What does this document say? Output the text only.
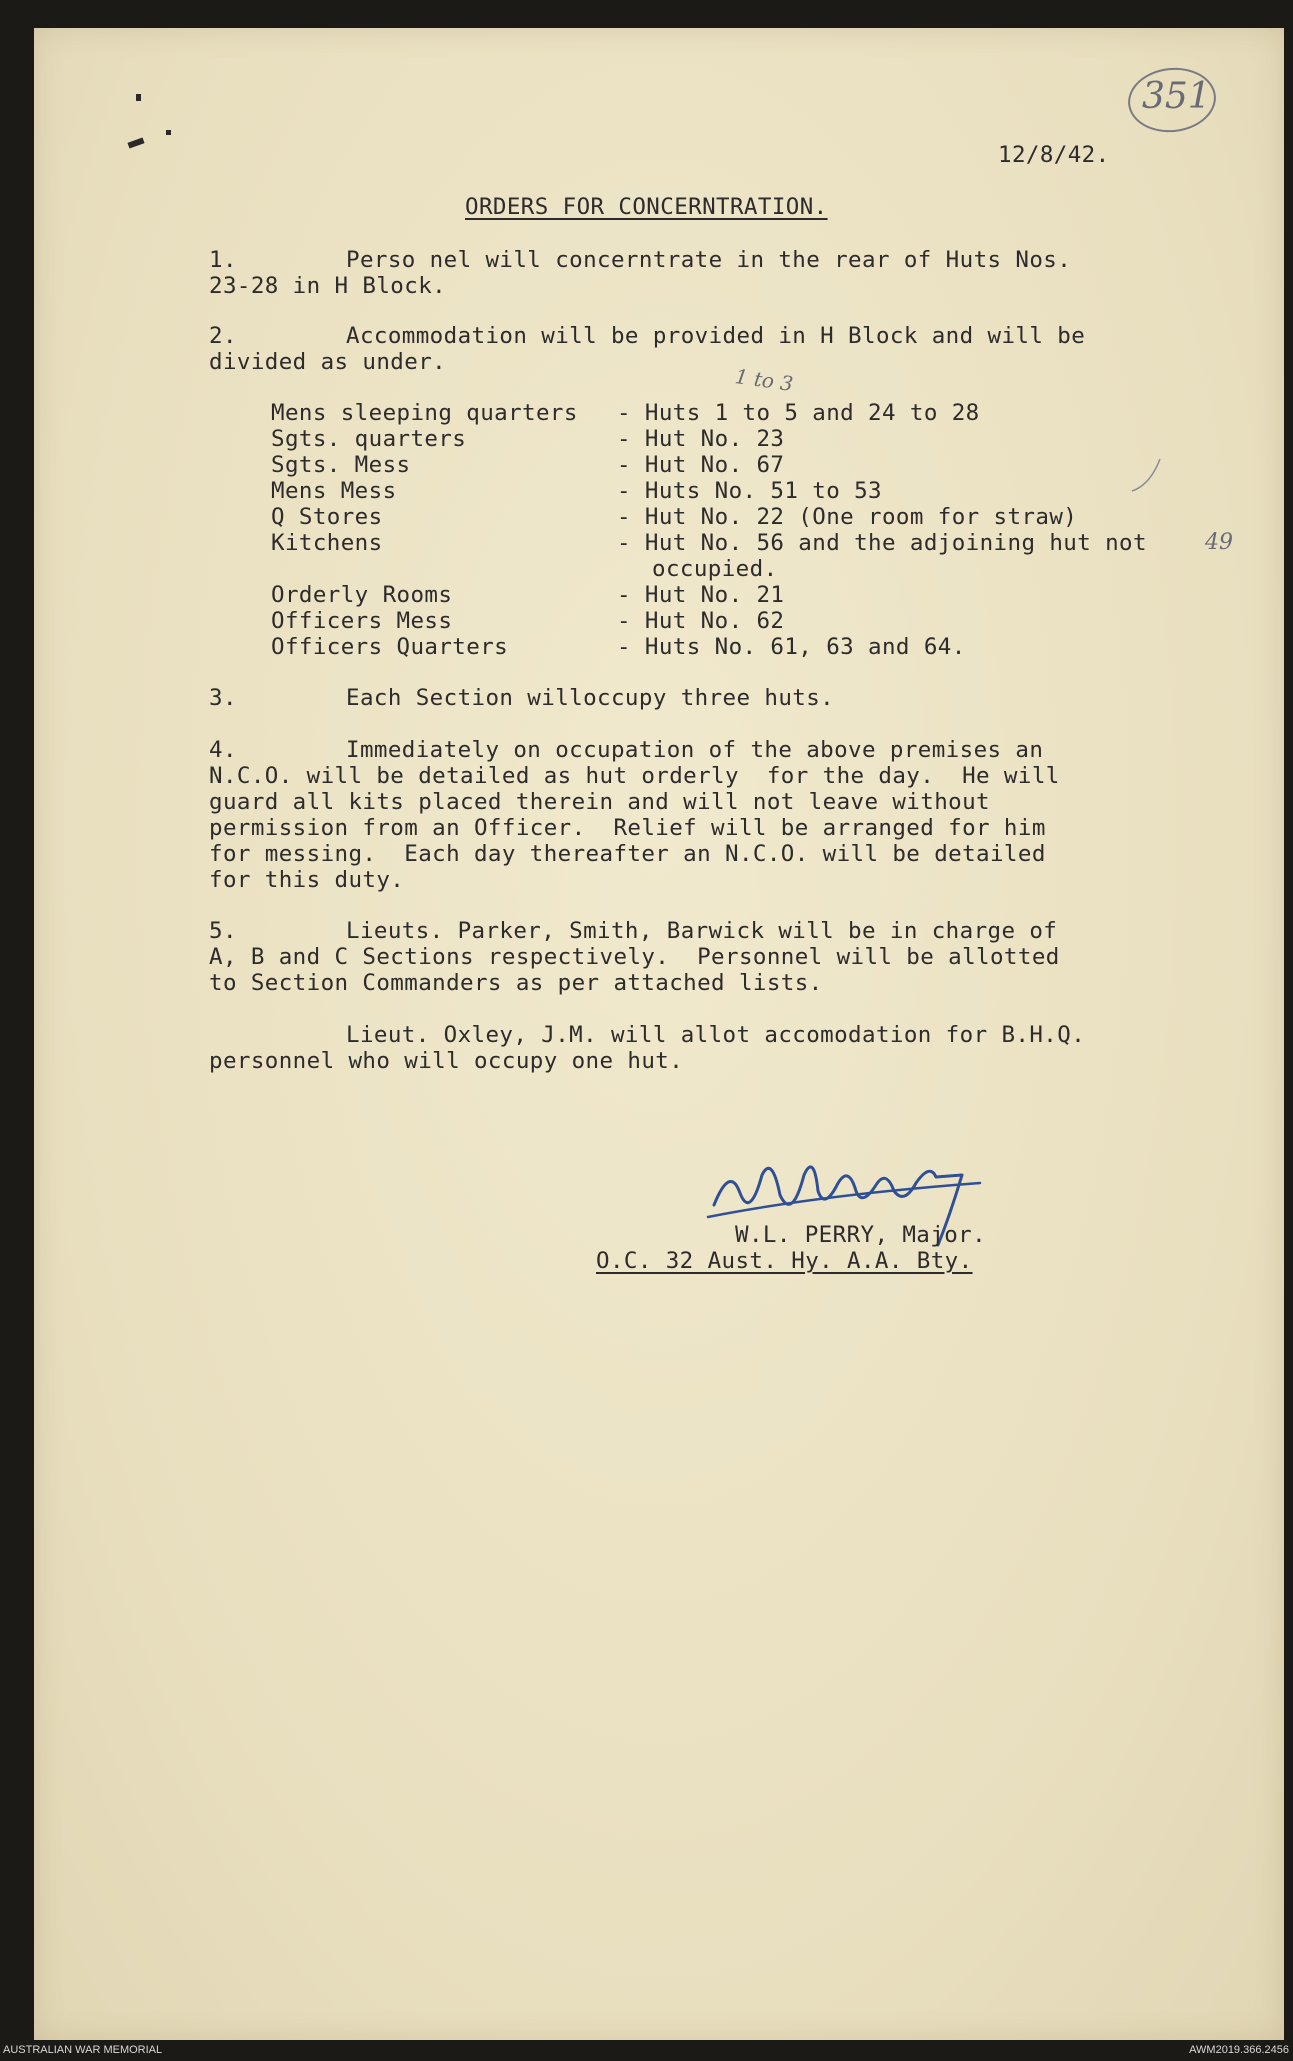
351

12/8/42.

ORDERS FOR CONCERNTRATION.

1.	Perso nel will concerntrate in the rear of Huts Nos.

23-28 in H Block.

2.	Accommodation will be provided in H Block and will be

divided as under.

1 to 3

Mens sleeping quarters - Huts 1 to 5 and 24 to 28

Sgts. quarters	- Hut No. 23

Sgts. Mess	- Hut No. 67

Mens Mess	- Huts No. 51 to 53

Q Stores	- Hut No. 22 (One room for straw)

Kitchens	- Hut No. 56 and the adjoining hut not	49

occupied.

Orderly Rooms	- Hut No. 21

Officers Mess	- Hut No. 62

Officers Quarters	- Huts No. 61, 63 and 64.

3.	Each Section willoccupy three huts.

4.	Immediately on occupation of the above premises an

N.C.O. will be detailed as hut orderly  for the day.  He will

guard all kits placed therein and will not leave without

permission from an Officer.  Relief will be arranged for him

for messing.  Each day thereafter an N.C.O. will be detailed

for this duty.

5.	Lieuts. Parker, Smith, Barwick will be in charge of

A, B and C Sections respectively.  Personnel will be allotted

to Section Commanders as per attached lists.

Lieut. Oxley, J.M. will allot accomodation for B.H.Q.

personnel who will occupy one hut.

W.L. PERRY, Major.

O.C. 32 Aust. Hy. A.A. Bty.

AUSTRALIAN WAR MEMORIAL	AWM2019.366.2456
